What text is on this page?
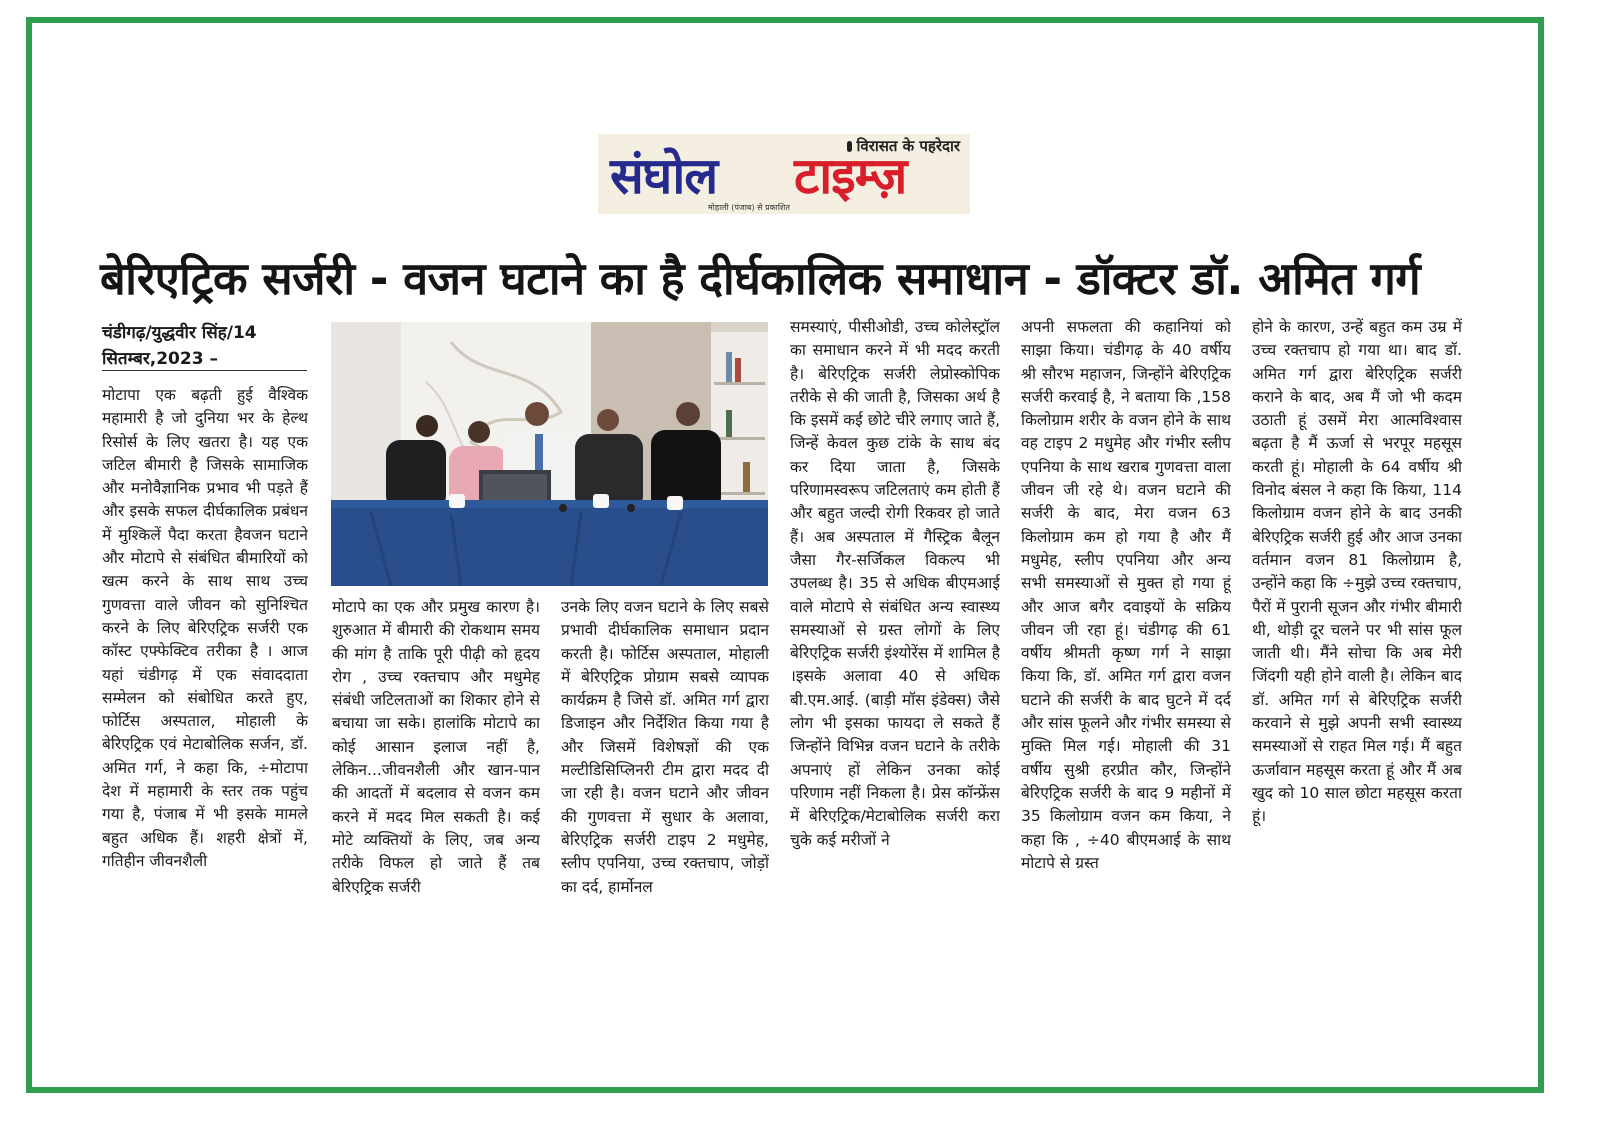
विरासत के पहरेदार
संघोल टाइम्ज़
मोहाली (पंजाब) से प्रकाशित
बेरिएट्रिक सर्जरी - वजन घटाने का है दीर्घकालिक समाधान - डॉक्टर डॉ. अमित गर्ग
चंडीगढ़/युद्धवीर सिंह/14 सितम्बर,2023 –
मोटापा एक बढ़ती हुई वैश्विक महामारी है जो दुनिया भर के हेल्थ रिसोर्स के लिए खतरा है। यह एक जटिल बीमारी है जिसके सामाजिक और मनोवैज्ञानिक प्रभाव भी पड़ते हैं और इसके सफल दीर्घकालिक प्रबंधन में मुश्किलें पैदा करता हैवजन घटाने और मोटापे से संबंधित बीमारियों को खत्म करने के साथ साथ उच्च गुणवत्ता वाले जीवन को सुनिश्चित करने के लिए बेरिएट्रिक सर्जरी एक कॉस्ट एफ्फेक्टिव तरीका है । आज यहां चंडीगढ़ में एक संवाददाता सम्मेलन को संबोधित करते हुए, फोर्टिस अस्पताल, मोहाली के बेरिएट्रिक एवं मेटाबोलिक सर्जन, डॉ. अमित गर्ग, ने कहा कि, ÷मोटापा देश में महामारी के स्तर तक पहुंच गया है, पंजाब में भी इसके मामले बहुत अधिक हैं। शहरी क्षेत्रों में, गतिहीन जीवनशैली
मोटापे का एक और प्रमुख कारण है। शुरुआत में बीमारी की रोकथाम समय की मांग है ताकि पूरी पीढ़ी को हृदय रोग , उच्च रक्तचाप और मधुमेह संबंधी जटिलताओं का शिकार होने से बचाया जा सके। हालांकि मोटापे का कोई आसान इलाज नहीं है, लेकिन...जीवनशैली और खान-पान की आदतों में बदलाव से वजन कम करने में मदद मिल सकती है। कई मोटे व्यक्तियों के लिए, जब अन्य तरीके विफल हो जाते हैं तब बेरिएट्रिक सर्जरी
उनके लिए वजन घटाने के लिए सबसे प्रभावी दीर्घकालिक समाधान प्रदान करती है। फोर्टिस अस्पताल, मोहाली में बेरिएट्रिक प्रोग्राम सबसे व्यापक कार्यक्रम है जिसे डॉ. अमित गर्ग द्वारा डिजाइन और निर्देशित किया गया है और जिसमें विशेषज्ञों की एक मल्टीडिसिप्लिनरी टीम द्वारा मदद दी जा रही है। वजन घटाने और जीवन की गुणवत्ता में सुधार के अलावा, बेरिएट्रिक सर्जरी टाइप 2 मधुमेह, स्लीप एपनिया, उच्च रक्तचाप, जोड़ों का दर्द, हार्मोनल
समस्याएं, पीसीओडी, उच्च कोलेस्ट्रॉल का समाधान करने में भी मदद करती है। बेरिएट्रिक सर्जरी लेप्रोस्कोपिक तरीके से की जाती है, जिसका अर्थ है कि इसमें कई छोटे चीरे लगाए जाते हैं, जिन्हें केवल कुछ टांके के साथ बंद कर दिया जाता है, जिसके परिणामस्वरूप जटिलताएं कम होती हैं और बहुत जल्दी रोगी रिकवर हो जाते हैं। अब अस्पताल में गैस्ट्रिक बैलून जैसा गैर-सर्जिकल विकल्प भी उपलब्ध है। 35 से अधिक बीएमआई वाले मोटापे से संबंधित अन्य स्वास्थ्य समस्याओं से ग्रस्त लोगों के लिए बेरिएट्रिक सर्जरी इंश्योरेंस में शामिल है ।इसके अलावा 40 से अधिक बी.एम.आई. (बाड़ी मॉस इंडेक्स) जैसे लोग भी इसका फायदा ले सकते हैं जिन्होंने विभिन्न वजन घटाने के तरीके अपनाएं हों लेकिन उनका कोई परिणाम नहीं निकला है। प्रेस कॉन्फ्रेंस में बेरिएट्रिक/मेटाबोलिक सर्जरी करा चुके कई मरीजों ने
अपनी सफलता की कहानियां को साझा किया। चंडीगढ़ के 40 वर्षीय श्री सौरभ महाजन, जिन्होंने बेरिएट्रिक सर्जरी करवाई है, ने बताया कि ,158 किलोग्राम शरीर के वजन होने के साथ वह टाइप 2 मधुमेह और गंभीर स्लीप एपनिया के साथ खराब गुणवत्ता वाला जीवन जी रहे थे। वजन घटाने की सर्जरी के बाद, मेरा वजन 63 किलोग्राम कम हो गया है और मैं मधुमेह, स्लीप एपनिया और अन्य सभी समस्याओं से मुक्त हो गया हूं और आज बगैर दवाइयों के सक्रिय जीवन जी रहा हूं। चंडीगढ़ की 61 वर्षीय श्रीमती कृष्ण गर्ग ने साझा किया कि, डॉ. अमित गर्ग द्वारा वजन घटाने की सर्जरी के बाद घुटने में दर्द और सांस फूलने और गंभीर समस्या से मुक्ति मिल गई। मोहाली की 31 वर्षीय सुश्री हरप्रीत कौर, जिन्होंने बेरिएट्रिक सर्जरी के बाद 9 महीनों में 35 किलोग्राम वजन कम किया, ने कहा कि , ÷40 बीएमआई के साथ मोटापे से ग्रस्त
होने के कारण, उन्हें बहुत कम उम्र में उच्च रक्तचाप हो गया था। बाद डॉ. अमित गर्ग द्वारा बेरिएट्रिक सर्जरी कराने के बाद, अब मैं जो भी कदम उठाती हूं उसमें मेरा आत्मविश्वास बढ़ता है मैं ऊर्जा से भरपूर महसूस करती हूं। मोहाली के 64 वर्षीय श्री विनोद बंसल ने कहा कि किया, 114 किलोग्राम वजन होने के बाद उनकी बेरिएट्रिक सर्जरी हुई और आज उनका वर्तमान वजन 81 किलोग्राम है, उन्होंने कहा कि ÷मुझे उच्च रक्तचाप, पैरों में पुरानी सूजन और गंभीर बीमारी थी, थोड़ी दूर चलने पर भी सांस फूल जाती थी। मैंने सोचा कि अब मेरी जिंदगी यही होने वाली है। लेकिन बाद डॉ. अमित गर्ग से बेरिएट्रिक सर्जरी करवाने से मुझे अपनी सभी स्वास्थ्य समस्याओं से राहत मिल गई। मैं बहुत ऊर्जावान महसूस करता हूं और मैं अब खुद को 10 साल छोटा महसूस करता हूं।
